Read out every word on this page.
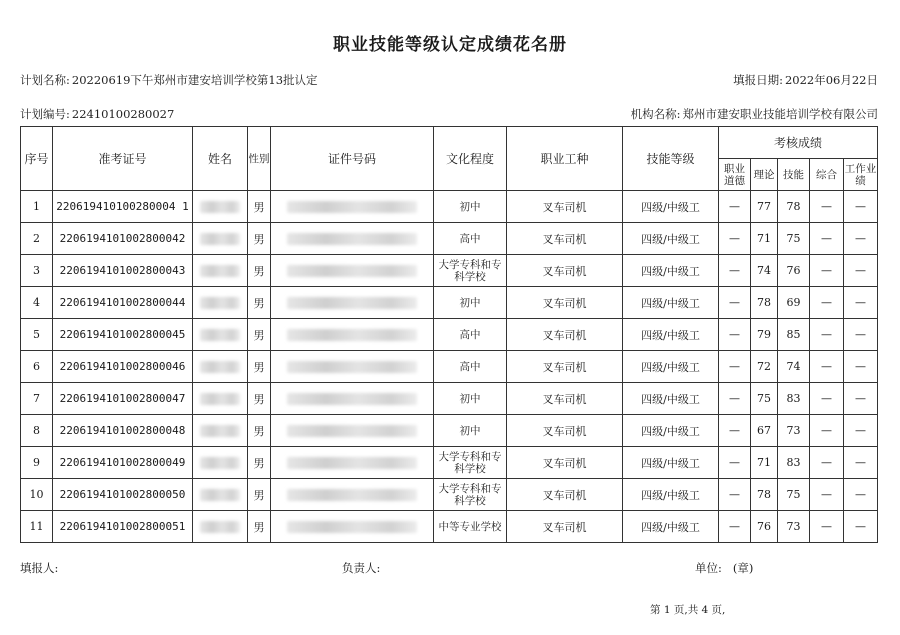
职业技能等级认定成绩花名册
计划名称: 20220619下午郑州市建安培训学校第13批认定	填报日期: 2022年06月22日
计划编号: 22410100280027	机构名称: 郑州市建安职业技能培训学校有限公司
序号	准考证号	姓名	性别	证件号码	文化程度	职业工种	技能等级	考核成绩				
								职业道德	理论	技能	综合	工作业绩
1	220619410100280004 1		男		初中	叉车司机	四级/中级工	—	77	78	—	—
2	2206194101002800042		男		高中	叉车司机	四级/中级工	—	71	75	—	—
3	2206194101002800043		男		大学专科和专科学校	叉车司机	四级/中级工	—	74	76	—	—
4	2206194101002800044		男		初中	叉车司机	四级/中级工	—	78	69	—	—
5	2206194101002800045		男		高中	叉车司机	四级/中级工	—	79	85	—	—
6	2206194101002800046		男		高中	叉车司机	四级/中级工	—	72	74	—	—
7	2206194101002800047		男		初中	叉车司机	四级/中级工	—	75	83	—	—
8	2206194101002800048		男		初中	叉车司机	四级/中级工	—	67	73	—	—
9	2206194101002800049		男		大学专科和专科学校	叉车司机	四级/中级工	—	71	83	—	—
10	2206194101002800050		男		大学专科和专科学校	叉车司机	四级/中级工	—	78	75	—	—
11	2206194101002800051		男		中等专业学校	叉车司机	四级/中级工	—	76	73	—	—
填报人:	负责人:	单位: (章)
第 1 页,共 4 页,
